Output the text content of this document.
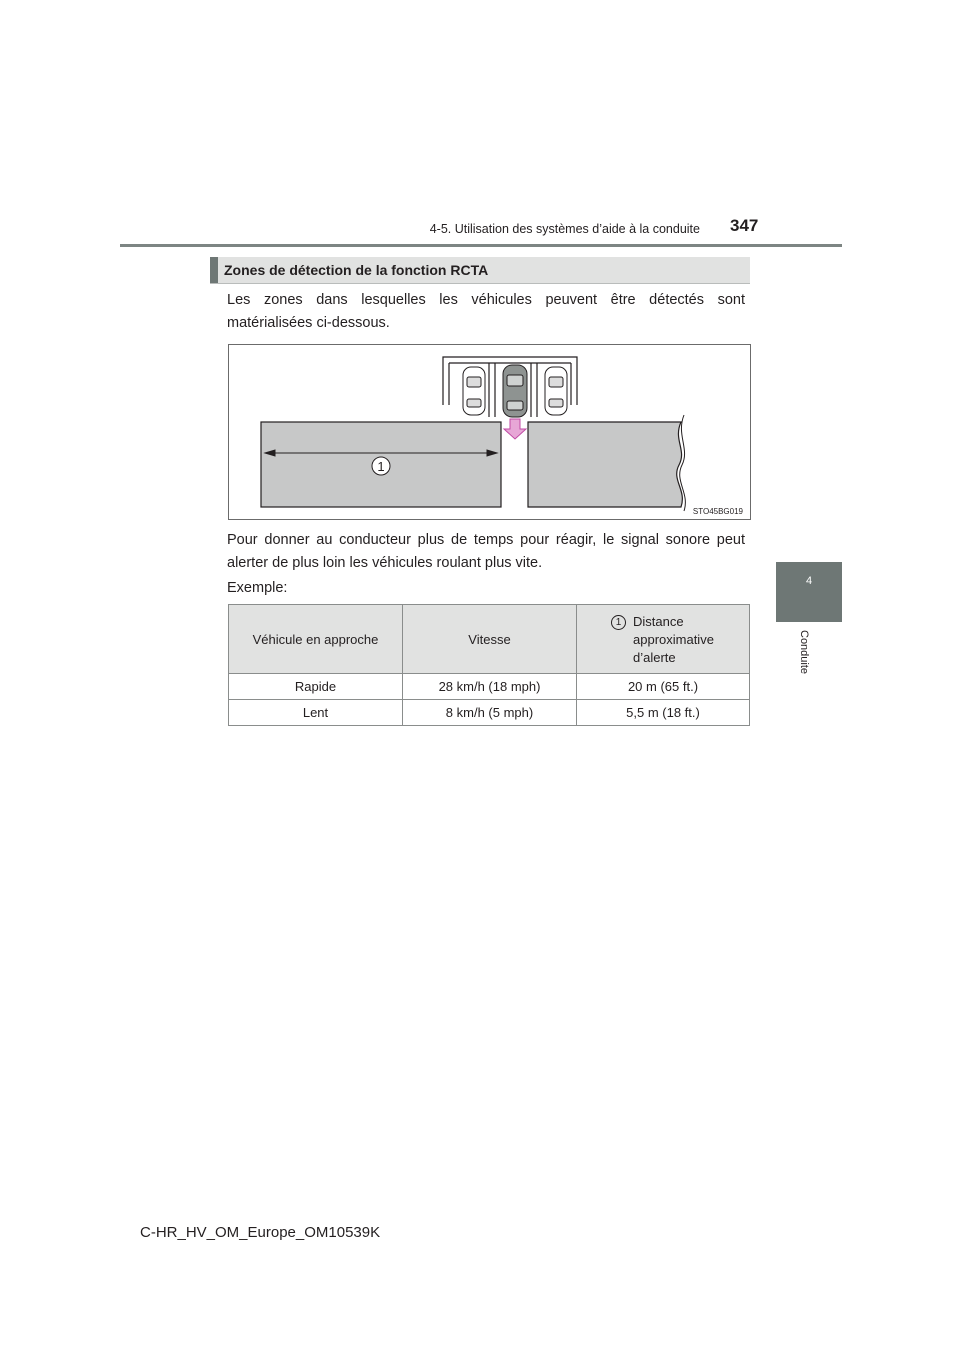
4-5. Utilisation des systèmes d’aide à la conduite 347
4
Conduite
Zones de détection de la fonction RCTA
Les zones dans lesquelles les véhicules peuvent être détectés sont matérialisées ci-dessous.
1
STO45BG019
Pour donner au conducteur plus de temps pour réagir, le signal sonore peut alerter de plus loin les véhicules roulant plus vite.
Exemple:
Véhicule en approche	Vitesse	1 Distance approximative d’alerte

Rapide	28 km/h (18 mph)	20 m (65 ft.)
Lent	8 km/h (5 mph)	5,5 m (18 ft.)
C-HR_HV_OM_Europe_OM10539K
